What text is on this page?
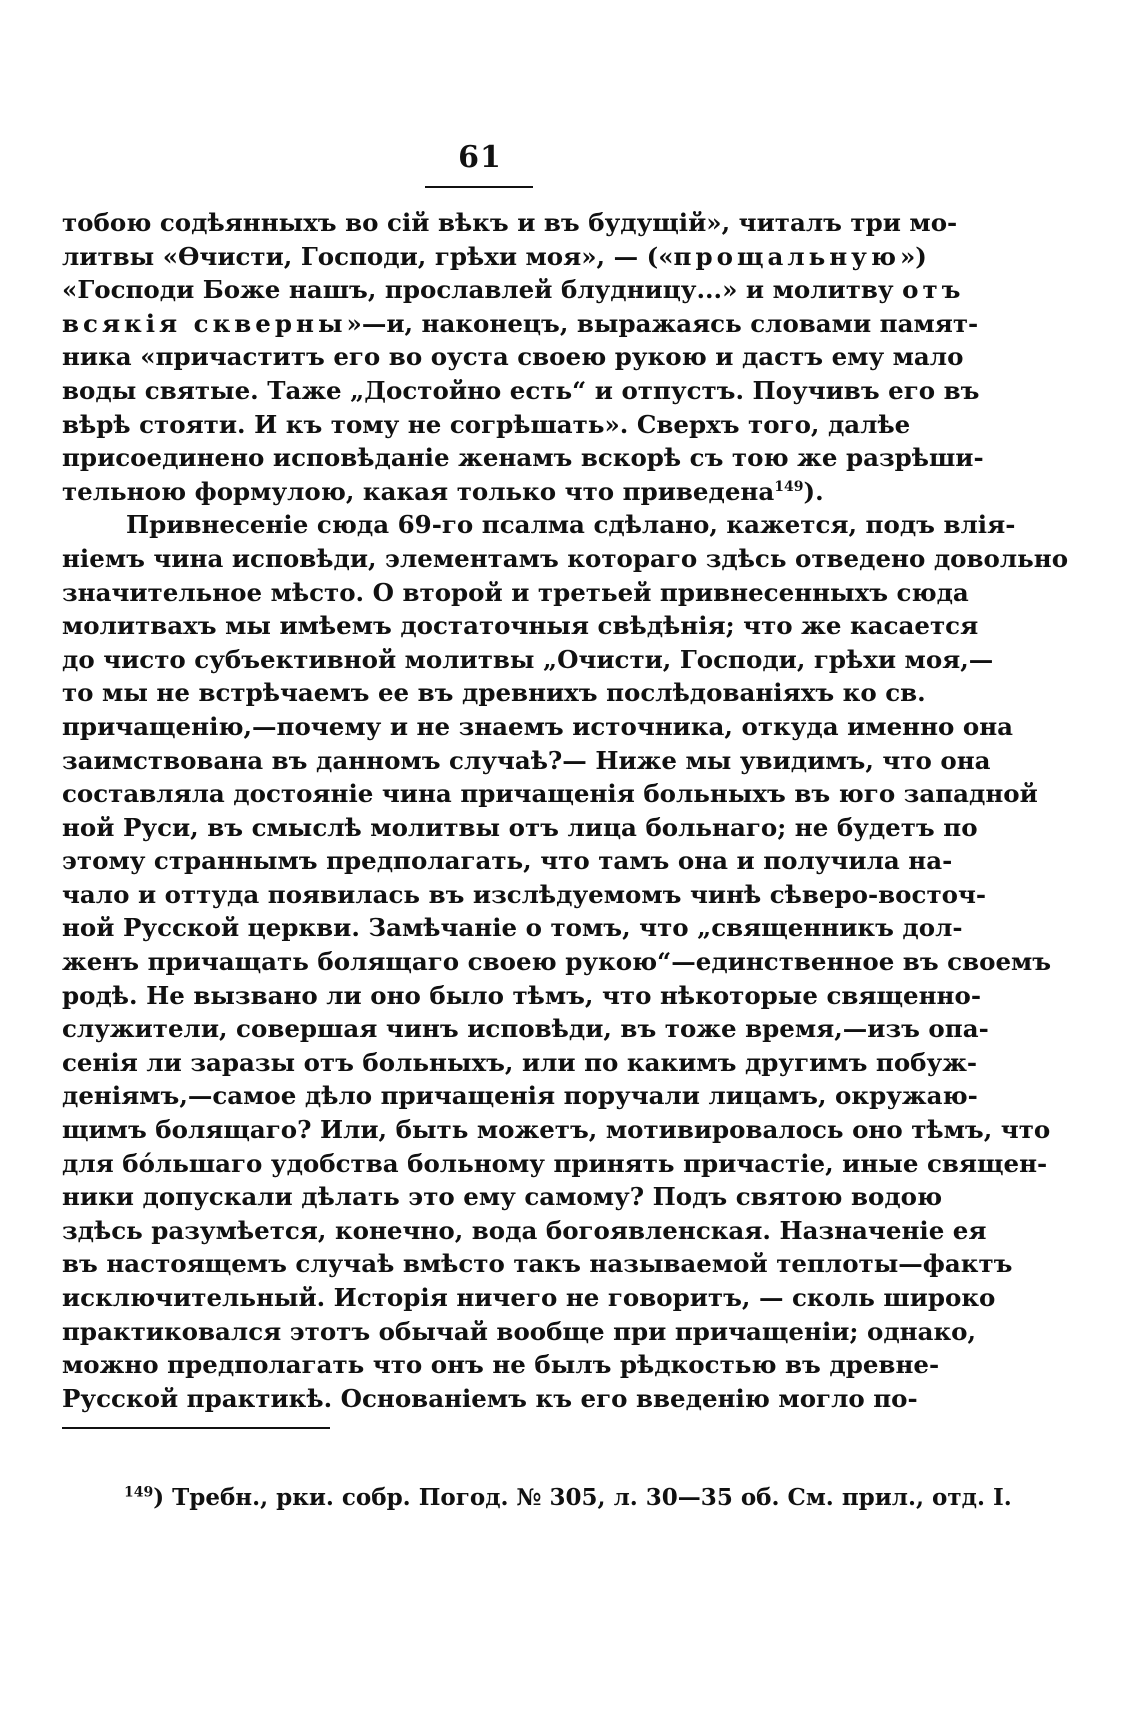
61
тобою содѣянныхъ во сій вѣкъ и въ будущій», читалъ три мо-
литвы «Ѳчисти, Господи, грѣхи моя», — («прощальную»)
«Господи Боже нашъ, прославлей блудницу...» и молитву отъ
всякія скверны»—и, наконецъ, выражаясь словами памят-
ника «причаститъ его во оуста своею рукою и дастъ ему мало
воды святые. Таже „Достойно есть“ и отпустъ. Поучивъ его въ
вѣрѣ стояти. И къ тому не согрѣшать». Сверхъ того, далѣе
присоединено исповѣданіе женамъ вскорѣ съ тою же разрѣши-
тельною формулою, какая только что приведена$^{149}$).
Привнесеніе сюда 69-го псалма сдѣлано, кажется, подъ влія-
ніемъ чина исповѣди, элементамъ котораго здѣсь отведено довольно
значительное мѣсто. О второй и третьей привнесенныхъ сюда
молитвахъ мы имѣемъ достаточныя свѣдѣнія; что же касается
до чисто субъективной молитвы „Очисти, Господи, грѣхи моя,—
то мы не встрѣчаемъ ее въ древнихъ послѣдованіяхъ ко св.
причащенію,—почему и не знаемъ источника, откуда именно она
заимствована въ данномъ случаѣ?— Ниже мы увидимъ, что она
составляла достояніе чина причащенія больныхъ въ юго западной
ной Руси, въ смыслѣ молитвы отъ лица больнаго; не будетъ по
этому страннымъ предполагать, что тамъ она и получила на-
чало и оттуда появилась въ изслѣдуемомъ чинѣ сѣверо-восточ-
ной Русской церкви. Замѣчаніе о томъ, что „священникъ дол-
женъ причащать болящаго своею рукою“—единственное въ своемъ
родѣ. Не вызвано ли оно было тѣмъ, что нѣкоторые священно-
служители, совершая чинъ исповѣди, въ тоже время,—изъ опа-
сенія ли заразы отъ больныхъ, или по какимъ другимъ побуж-
деніямъ,—самое дѣло причащенія поручали лицамъ, окружаю-
щимъ болящаго? Или, быть можетъ, мотивировалось оно тѣмъ, что
для бо́льшаго удобства больному принять причастіе, иные священ-
ники допускали дѣлать это ему самому? Подъ святою водою
здѣсь разумѣется, конечно, вода богоявленская. Назначеніе ея
въ настоящемъ случаѣ вмѣсто такъ называемой теплоты—фактъ
исключительный. Исторія ничего не говоритъ, — сколь широко
практиковался этотъ обычай вообще при причащеніи; однако,
можно предполагать что онъ не былъ рѣдкостью въ древне-
Русской практикѣ. Основаніемъ къ его введенію могло по-
$^{149}$) Требн., рки. собр. Погод. № 305, л. 30—35 об. См. прил., отд. I.
